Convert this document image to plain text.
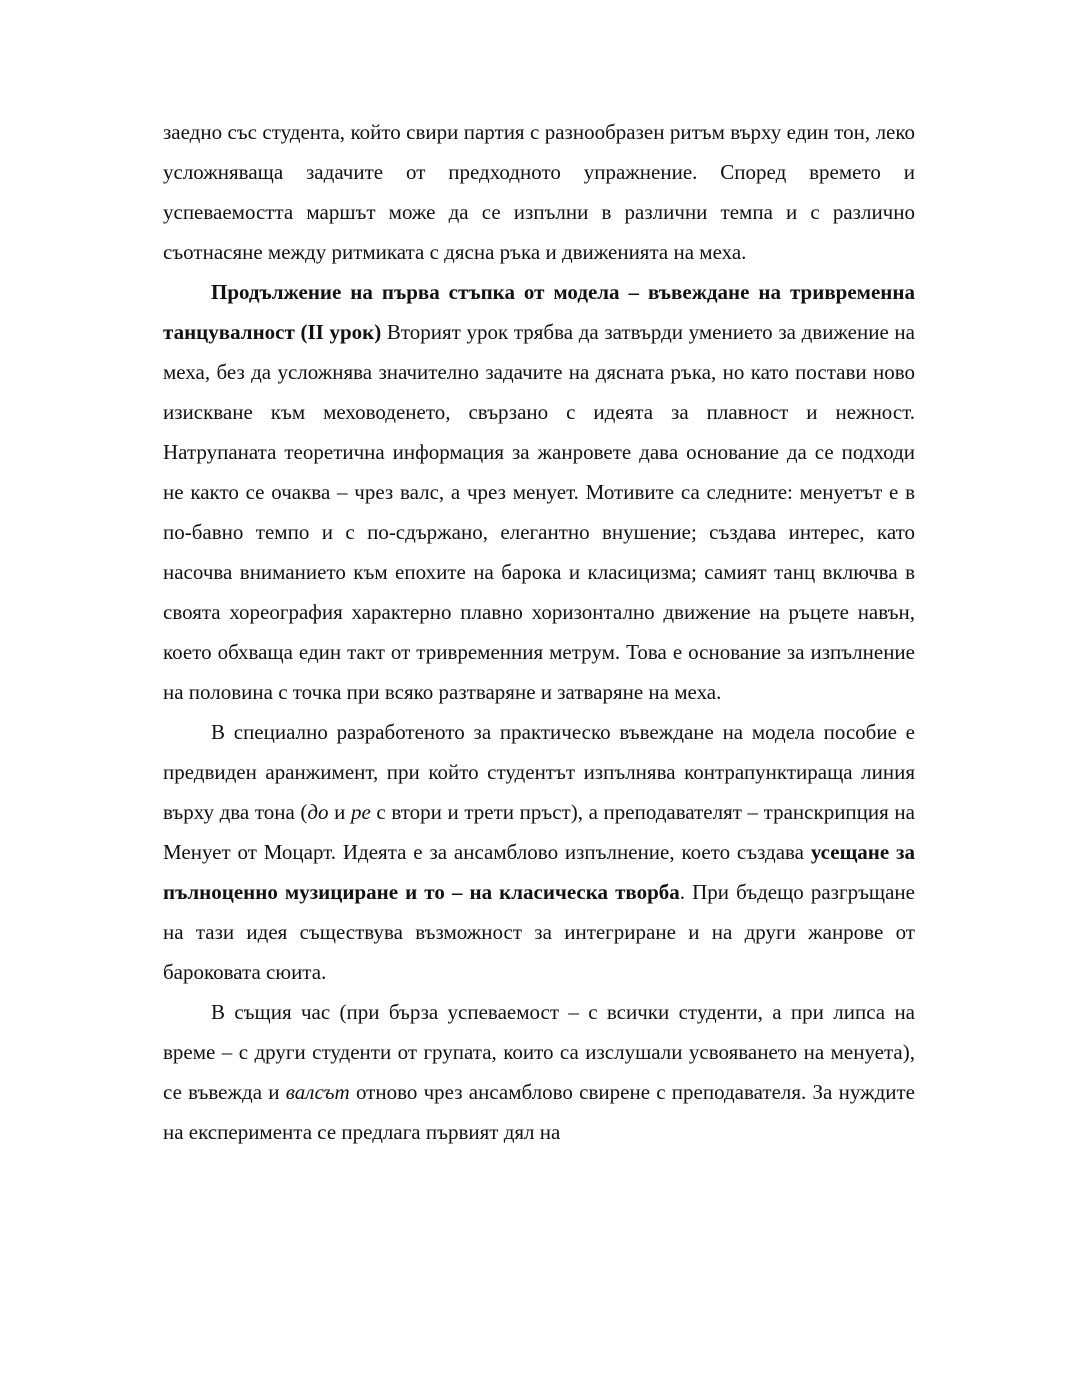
заедно със студента, който свири партия с разнообразен ритъм върху един тон, леко усложняваща задачите от предходното упражнение. Според времето и успеваемостта маршът може да се изпълни в различни темпа и с различно съотнасяне между ритмиката с дясна ръка и движенията на меха.

Продължение на първа стъпка от модела – въвеждане на тривременна танцувалност (II урок) Вторият урок трябва да затвърди умението за движение на меха, без да усложнява значително задачите на дясната ръка, но като постави ново изискване към меховоденето, свързано с идеята за плавност и нежност. Натрупаната теоретична информация за жанровете дава основание да се подходи не както се очаква – чрез валс, а чрез менует. Мотивите са следните: менуетът е в по-бавно темпо и с по-сдържано, елегантно внушение; създава интерес, като насочва вниманието към епохите на барока и класицизма; самият танц включва в своята хореография характерно плавно хоризонтално движение на ръцете навън, което обхваща един такт от тривременния метрум. Това е основание за изпълнение на половина с точка при всяко разтваряне и затваряне на меха.

В специално разработеното за практическо въвеждане на модела пособие е предвиден аранжимент, при който студентът изпълнява контрапунктираща линия върху два тона (до и ре с втори и трети пръст), а преподавателят – транскрипция на Менует от Моцарт. Идеята е за ансамблово изпълнение, което създава усещане за пълноценно музициране и то – на класическа творба. При бъдещо разгръщане на тази идея съществува възможност за интегриране и на други жанрове от бароковата сюита.

В същия час (при бърза успеваемост – с всички студенти, а при липса на време – с други студенти от групата, които са изслушали усвояването на менуета), се въвежда и валсът отново чрез ансамблово свирене с преподавателя. За нуждите на експеримента се предлага първият дял на
